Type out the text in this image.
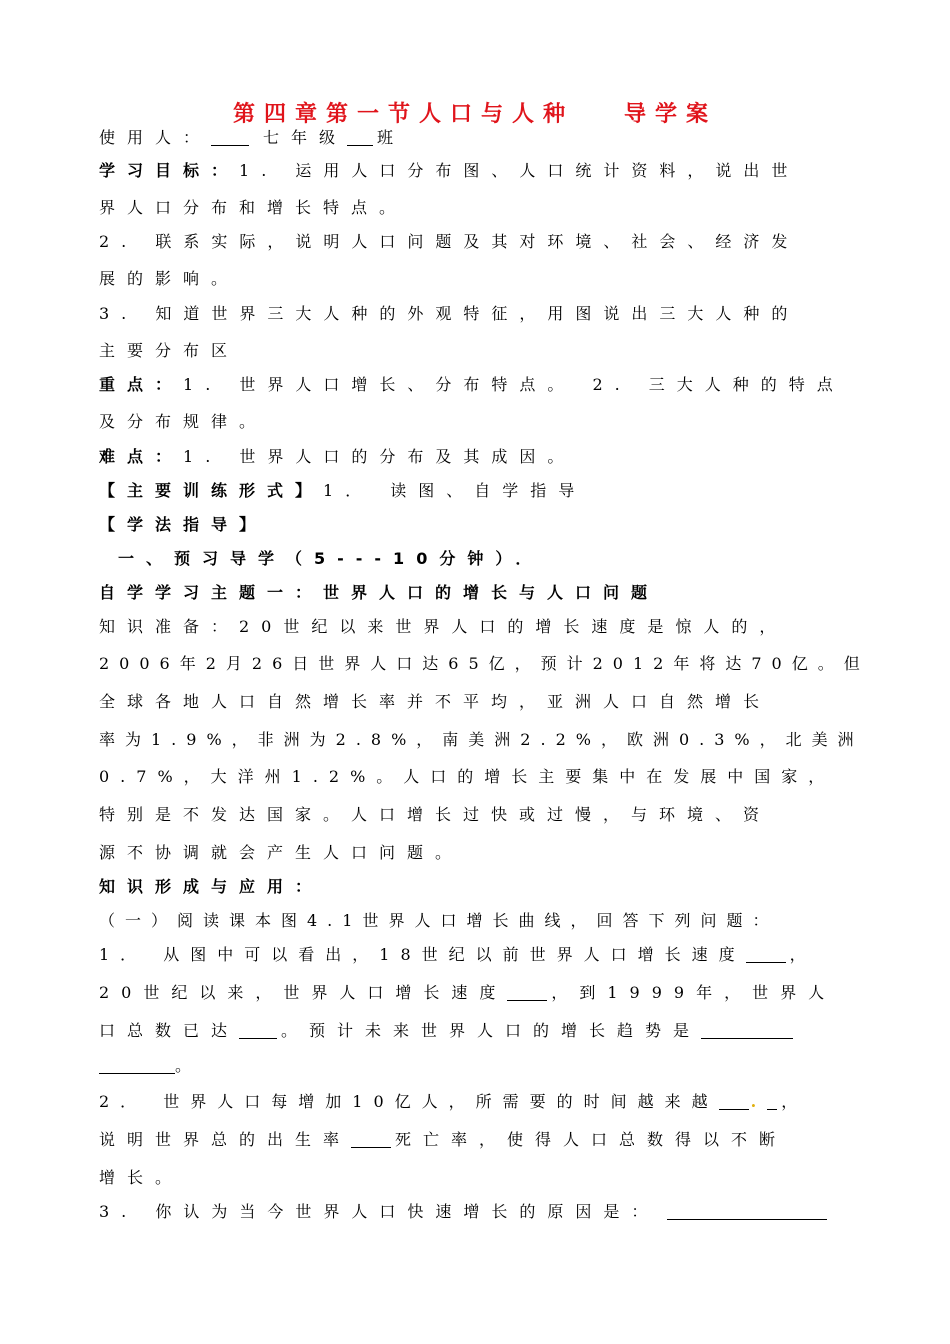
第四章第一节人口与人种   导学案
使用人：	七年级 班
学习目标：1. 运用人口分布图、人口统计资料，说出世
界人口分布和增长特点。
2. 联系实际，说明人口问题及其对环境、社会、经济发
展的影响。
3. 知道世界三大人种的外观特征，用图说出三大人种的
主要分布区
重点：1. 世界人口增长、分布特点。 2. 三大人种的特点
及分布规律。
难点：1. 世界人口的分布及其成因。
【主要训练形式】1． 读图、自学指导
【学法指导】
一、预习导学（5---10分钟）．
自学学习主题一：世界人口的增长与人口问题
知识准备：20世纪以来世界人口的增长速度是惊人的，
2006年2月26日世界人口达65亿，预计2012年将达70亿。但
全球各地人口自然增长率并不平均，亚洲人口自然增长
率为1.9%，非洲为2.8%，南美洲2.2%，欧洲0.3%，北美洲
0.7%，大洋州1.2%。人口的增长主要集中在发展中国家，
特别是不发达国家。人口增长过快或过慢，与环境、资
源不协调就会产生人口问题。
知识形成与应用：
（一）阅读课本图4.1世界人口增长曲线，回答下列问题：
1． 从图中可以看出，18世纪以前世界人口增长速度	，
20世纪以来，世界人口增长速度	，到1999年，世界人
口总数已达	。预计未来世界人口的增长趋势是
。
2． 世界人口每增加10亿人，所需要的时间越来越 . ，
说明世界总的出生率	死亡率，使得人口总数得以不断
增长。
3. 你认为当今世界人口快速增长的原因是：
